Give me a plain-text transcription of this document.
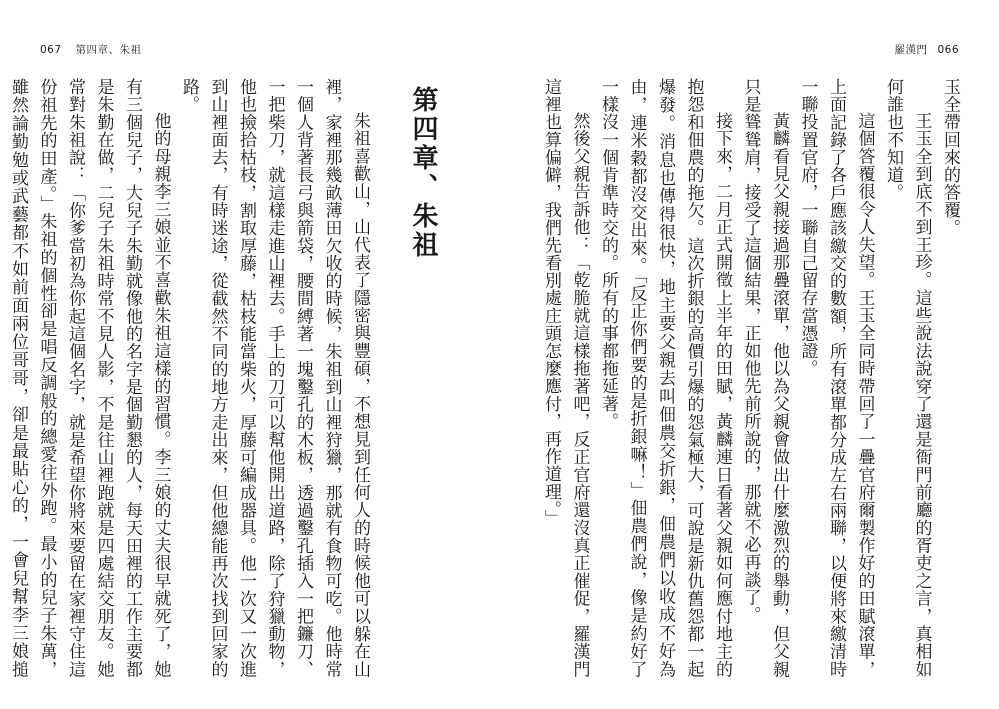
067 第四章、朱祖	羅漢門 066

玉全帶回來的答覆。

王玉全到底不到王珍。這些說法說穿了還是衙門前廳的胥吏之言，真相如何誰也不知道。

這個答覆很令人失望。王玉全同時帶回了一疊官府爾製作好的田賦滾單，上面記錄了各戶應該繳交的數額，所有滾單都分成左右兩聯，以便將來繳清時一聯投置官府，一聯自己留存當憑證。

黃麟看見父親接過那疊滾單，他以為父親會做出什麼激烈的舉動，但父親只是聳聳肩，接受了這個結果，正如他先前所說的，那就不必再談了。

接下來，二月正式開徵上半年的田賦，黃麟連日看著父親如何應付地主的抱怨和佃農的拖欠。這次折銀的高價引爆的怨氣極大，可說是新仇舊怨都一起爆發。消息也傳得很快，地主要父親去叫佃農交折銀，佃農們以收成不好為由，連米穀都沒交出來。「反正你們要的是折銀嘛！」佃農們說，像是約好了一樣沒一個肯準時交的。所有的事都拖延著。

然後父親告訴他：「乾脆就這樣拖著吧，反正官府還沒真正催促，羅漢門這裡也算偏僻，我們先看別處庄頭怎麼應付，再作道理。」

第四章、朱祖

朱祖喜歡山，山代表了隱密與豐碩，不想見到任何人的時候他可以躲在山裡，家裡那幾畝薄田欠收的時候，朱祖到山裡狩獵，那就有食物可吃。他時常一個人背著長弓與箭袋，腰間縛著一塊鑿孔的木板，透過鑿孔插入一把鐮刀、一把柴刀，就這樣走進山裡去。手上的刀可以幫他開出道路，除了狩獵動物，他也撿拾枯枝，割取厚藤，枯枝能當柴火，厚藤可編成器具。他一次又一次進到山裡面去，有時迷途，從截然不同的地方走出來，但他總能再次找到回家的路。

他的母親李三娘並不喜歡朱祖這樣的習慣。李三娘的丈夫很早就死了，她有三個兒子，大兒子朱勤就像他的名字是個勤懇的人，每天田裡的工作主要都是朱勤在做，二兒子朱祖時常不見人影，不是往山裡跑就是四處結交朋友。她常對朱祖說：「你爹當初為你起這個名字，就是希望你將來要留在家裡守住這份祖先的田產。」朱祖的個性卻是唱反調般的總愛往外跑。最小的兒子朱萬，雖然論勤勉或武藝都不如前面兩位哥哥，卻是最貼心的，一會兒幫李三娘搥
